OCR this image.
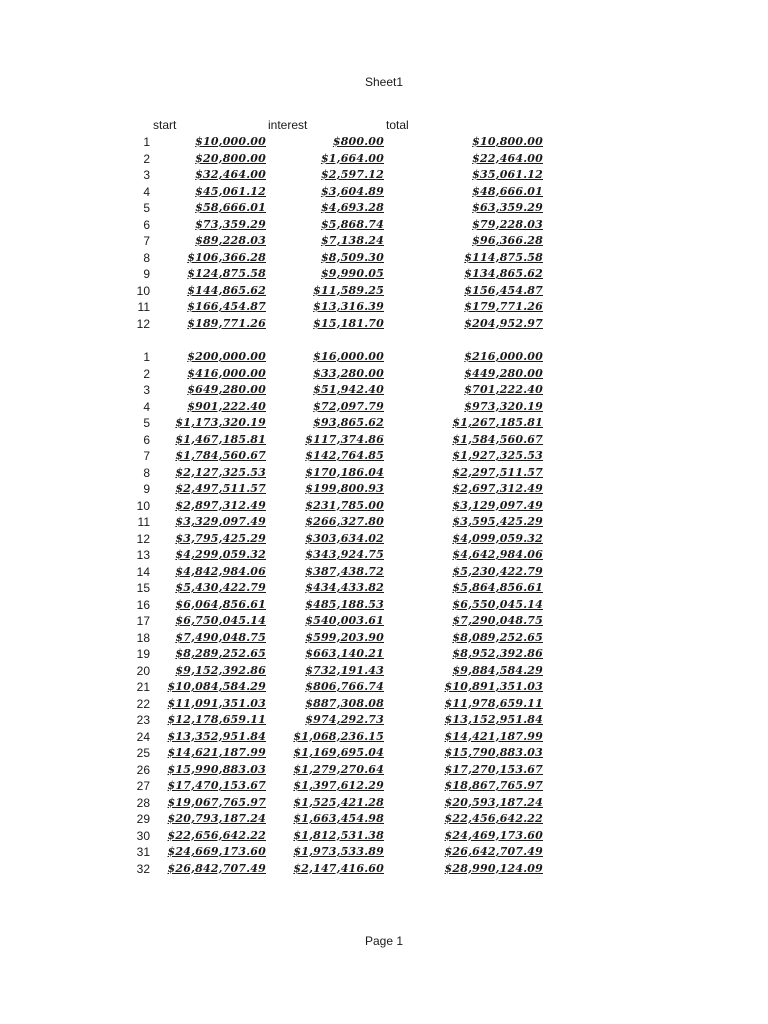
Sheet1
start	interest	total
1	$10,000.00	$800.00	$10,800.00
2	$20,800.00	$1,664.00	$22,464.00
3	$32,464.00	$2,597.12	$35,061.12
4	$45,061.12	$3,604.89	$48,666.01
5	$58,666.01	$4,693.28	$63,359.29
6	$73,359.29	$5,868.74	$79,228.03
7	$89,228.03	$7,138.24	$96,366.28
8	$106,366.28	$8,509.30	$114,875.58
9	$124,875.58	$9,990.05	$134,865.62
10	$144,865.62	$11,589.25	$156,454.87
11	$166,454.87	$13,316.39	$179,771.26
12	$189,771.26	$15,181.70	$204,952.97
1	$200,000.00	$16,000.00	$216,000.00
2	$416,000.00	$33,280.00	$449,280.00
3	$649,280.00	$51,942.40	$701,222.40
4	$901,222.40	$72,097.79	$973,320.19
5 $1,173,320.19	$93,865.62	$1,267,185.81
6 $1,467,185.81	$117,374.86	$1,584,560.67
7 $1,784,560.67	$142,764.85	$1,927,325.53
8 $2,127,325.53	$170,186.04	$2,297,511.57
9 $2,497,511.57	$199,800.93	$2,697,312.49
10 $2,897,312.49	$231,785.00	$3,129,097.49
11 $3,329,097.49	$266,327.80	$3,595,425.29
12 $3,795,425.29	$303,634.02	$4,099,059.32
13 $4,299,059.32	$343,924.75	$4,642,984.06
14 $4,842,984.06	$387,438.72	$5,230,422.79
15 $5,430,422.79	$434,433.82	$5,864,856.61
16 $6,064,856.61	$485,188.53	$6,550,045.14
17 $6,750,045.14	$540,003.61	$7,290,048.75
18 $7,490,048.75	$599,203.90	$8,089,252.65
19 $8,289,252.65	$663,140.21	$8,952,392.86
20 $9,152,392.86	$732,191.43	$9,884,584.29
21 $10,084,584.29	$806,766.74	$10,891,351.03
22 $11,091,351.03	$887,308.08	$11,978,659.11
23 $12,178,659.11	$974,292.73	$13,152,951.84
24 $13,352,951.84 $1,068,236.15	$14,421,187.99
25 $14,621,187.99 $1,169,695.04	$15,790,883.03
26 $15,990,883.03 $1,279,270.64	$17,270,153.67
27 $17,470,153.67 $1,397,612.29	$18,867,765.97
28 $19,067,765.97 $1,525,421.28	$20,593,187.24
29 $20,793,187.24 $1,663,454.98	$22,456,642.22
30 $22,656,642.22 $1,812,531.38	$24,469,173.60
31 $24,669,173.60 $1,973,533.89	$26,642,707.49
32 $26,842,707.49 $2,147,416.60	$28,990,124.09
Page 1
